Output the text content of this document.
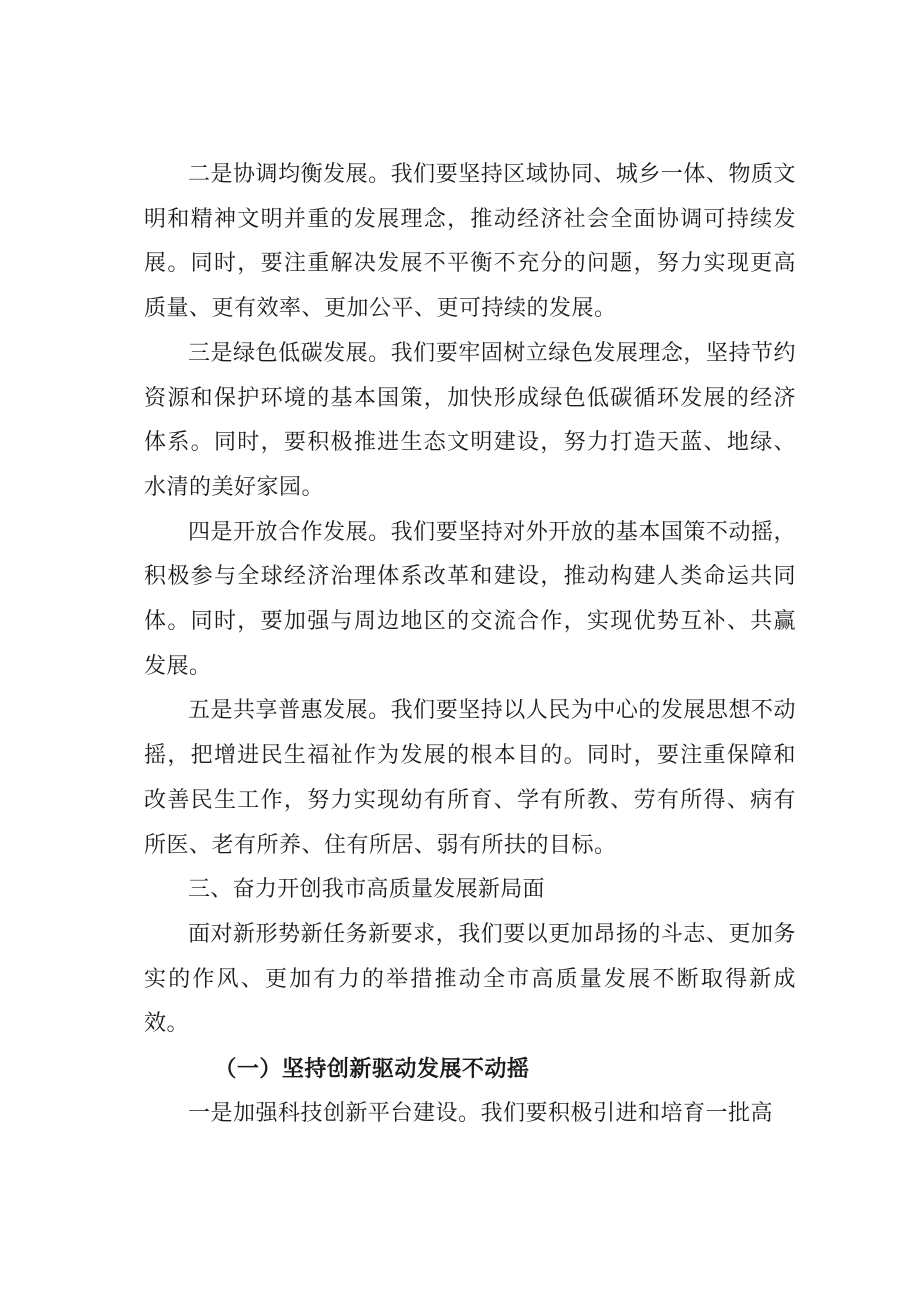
二是协调均衡发展。我们要坚持区域协同、城乡一体、物质文明和精神文明并重的发展理念，推动经济社会全面协调可持续发展。同时，要注重解决发展不平衡不充分的问题，努力实现更高质量、更有效率、更加公平、更可持续的发展。

三是绿色低碳发展。我们要牢固树立绿色发展理念，坚持节约资源和保护环境的基本国策，加快形成绿色低碳循环发展的经济体系。同时，要积极推进生态文明建设，努力打造天蓝、地绿、水清的美好家园。

四是开放合作发展。我们要坚持对外开放的基本国策不动摇，积极参与全球经济治理体系改革和建设，推动构建人类命运共同体。同时，要加强与周边地区的交流合作，实现优势互补、共赢发展。

五是共享普惠发展。我们要坚持以人民为中心的发展思想不动摇，把增进民生福祉作为发展的根本目的。同时，要注重保障和改善民生工作，努力实现幼有所育、学有所教、劳有所得、病有所医、老有所养、住有所居、弱有所扶的目标。

三、奋力开创我市高质量发展新局面

面对新形势新任务新要求，我们要以更加昂扬的斗志、更加务实的作风、更加有力的举措推动全市高质量发展不断取得新成效。

（一）坚持创新驱动发展不动摇

一是加强科技创新平台建设。我们要积极引进和培育一批高
